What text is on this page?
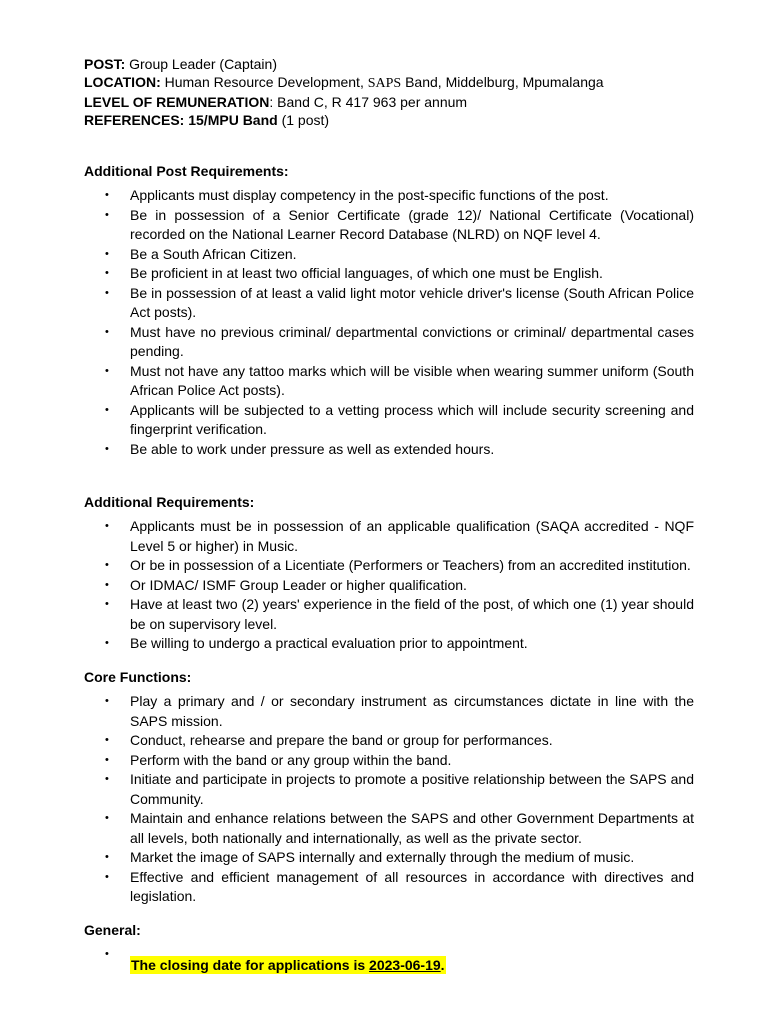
POST: Group Leader (Captain)
LOCATION: Human Resource Development, SAPS Band, Middelburg, Mpumalanga
LEVEL OF REMUNERATION: Band C, R 417 963 per annum
REFERENCES: 15/MPU Band (1 post)
Additional Post Requirements:
• Applicants must display competency in the post-specific functions of the post.
• Be in possession of a Senior Certificate (grade 12)/ National Certificate (Vocational) recorded on the National Learner Record Database (NLRD) on NQF level 4.
• Be a South African Citizen.
• Be proficient in at least two official languages, of which one must be English.
• Be in possession of at least a valid light motor vehicle driver's license (South African Police Act posts).
• Must have no previous criminal/ departmental convictions or criminal/ departmental cases pending.
• Must not have any tattoo marks which will be visible when wearing summer uniform (South African Police Act posts).
• Applicants will be subjected to a vetting process which will include security screening and fingerprint verification.
• Be able to work under pressure as well as extended hours.
Additional Requirements:
• Applicants must be in possession of an applicable qualification (SAQA accredited - NQF Level 5 or higher) in Music.
• Or be in possession of a Licentiate (Performers or Teachers) from an accredited institution.
• Or IDMAC/ ISMF Group Leader or higher qualification.
• Have at least two (2) years' experience in the field of the post, of which one (1) year should be on supervisory level.
• Be willing to undergo a practical evaluation prior to appointment.
Core Functions:
• Play a primary and / or secondary instrument as circumstances dictate in line with the SAPS mission.
• Conduct, rehearse and prepare the band or group for performances.
• Perform with the band or any group within the band.
• Initiate and participate in projects to promote a positive relationship between the SAPS and Community.
• Maintain and enhance relations between the SAPS and other Government Departments at all levels, both nationally and internationally, as well as the private sector.
• Market the image of SAPS internally and externally through the medium of music.
• Effective and efficient management of all resources in accordance with directives and legislation.
General:
•

The closing date for applications is 2023-06-19.
